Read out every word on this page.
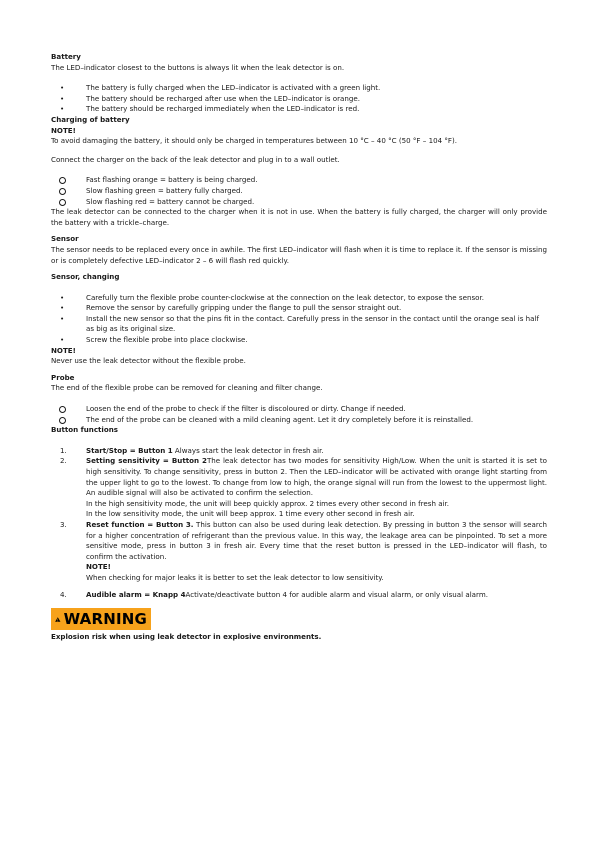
Battery

The LED–indicator closest to the buttons is always lit when the leak detector is on.

• The battery is fully charged when the LED–indicator is activated with a green light.
• The battery should be recharged after use when the LED–indicator is orange.
• The battery should be recharged immediately when the LED–indicator is red.

Charging of battery

NOTE!

To avoid damaging the battery, it should only be charged in temperatures between 10 °C – 40 °C (50 °F – 104 °F).

Connect the charger on the back of the leak detector and plug in to a wall outlet.

Fast flashing orange = battery is being charged.
Slow flashing green = battery fully charged.
Slow flashing red = battery cannot be charged.

The leak detector can be connected to the charger when it is not in use. When the battery is fully charged, the charger will only provide the battery with a trickle–charge.

Sensor

The sensor needs to be replaced every once in awhile. The first LED–indicator will flash when it is time to replace it. If the sensor is missing or is completely defective LED–indicator 2 – 6 will flash red quickly.

Sensor, changing

• Carefully turn the flexible probe counter-clockwise at the connection on the leak detector, to expose the sensor.
• Remove the sensor by carefully gripping under the flange to pull the sensor straight out.
• Install the new sensor so that the pins fit in the contact. Carefully press in the sensor in the contact until the orange seal is half as big as its original size.
• Screw the flexible probe into place clockwise.

NOTE!

Never use the leak detector without the flexible probe.

Probe

The end of the flexible probe can be removed for cleaning and filter change.

Loosen the end of the probe to check if the filter is discoloured or dirty. Change if needed.
The end of the probe can be cleaned with a mild cleaning agent. Let it dry completely before it is reinstalled.

Button functions

1.	Start/Stop = Button 1 Always start the leak detector in fresh air.
2.	Setting sensitivity = Button 2The leak detector has two modes for sensitivity High/Low. When the unit is started it is set to high sensitivity. To change sensitivity, press in button 2. Then the LED–indicator will be activated with orange light starting from the upper light to go to the lowest. To change from low to high, the orange signal will run from the lowest to the uppermost light. An audible signal will also be activated to confirm the selection.
In the high sensitivity mode, the unit will beep quickly approx. 2 times every other second in fresh air.
In the low sensitivity mode, the unit will beep approx. 1 time every other second in fresh air.
3.	Reset function = Button 3. This button can also be used during leak detection. By pressing in button 3 the sensor will search for a higher concentration of refrigerant than the previous value. In this way, the leakage area can be pinpointed. To set a more sensitive mode, press in button 3 in fresh air. Every time that the reset button is pressed in the LED–indicator will flash, to confirm the activation.
NOTE!
When checking for major leaks it is better to set the leak detector to low sensitivity.
4.	Audible alarm = Knapp 4Activate/deactivate button 4 for audible alarm and visual alarm, or only visual alarm.
WARNING

Explosion risk when using leak detector in explosive environments.
